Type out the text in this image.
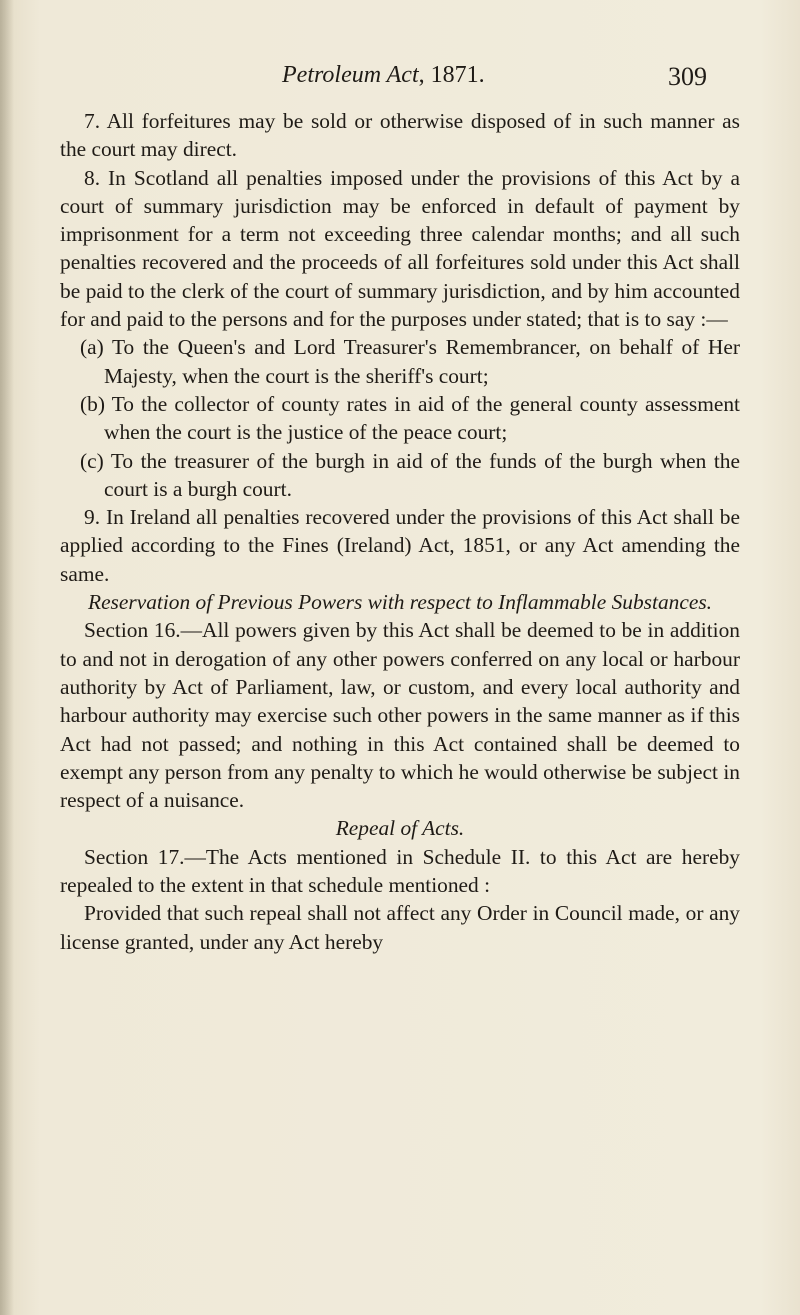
Petroleum Act, 1871.	309

7. All forfeitures may be sold or otherwise disposed of in such manner as the court may direct.

8. In Scotland all penalties imposed under the provisions of this Act by a court of summary jurisdiction may be enforced in default of payment by imprisonment for a term not exceeding three calendar months; and all such penalties recovered and the proceeds of all forfeitures sold under this Act shall be paid to the clerk of the court of summary jurisdiction, and by him accounted for and paid to the persons and for the purposes under stated; that is to say :—

(a) To the Queen's and Lord Treasurer's Remembrancer, on behalf of Her Majesty, when the court is the sheriff's court;

(b) To the collector of county rates in aid of the general county assessment when the court is the justice of the peace court;

(c) To the treasurer of the burgh in aid of the funds of the burgh when the court is a burgh court.

9. In Ireland all penalties recovered under the provisions of this Act shall be applied according to the Fines (Ireland) Act, 1851, or any Act amending the same.

Reservation of Previous Powers with respect to Inflammable Substances.

Section 16.—All powers given by this Act shall be deemed to be in addition to and not in derogation of any other powers conferred on any local or harbour authority by Act of Parliament, law, or custom, and every local authority and harbour authority may exercise such other powers in the same manner as if this Act had not passed; and nothing in this Act contained shall be deemed to exempt any person from any penalty to which he would otherwise be subject in respect of a nuisance.

Repeal of Acts.

Section 17.—The Acts mentioned in Schedule II. to this Act are hereby repealed to the extent in that schedule mentioned :

Provided that such repeal shall not affect any Order in Council made, or any license granted, under any Act hereby
